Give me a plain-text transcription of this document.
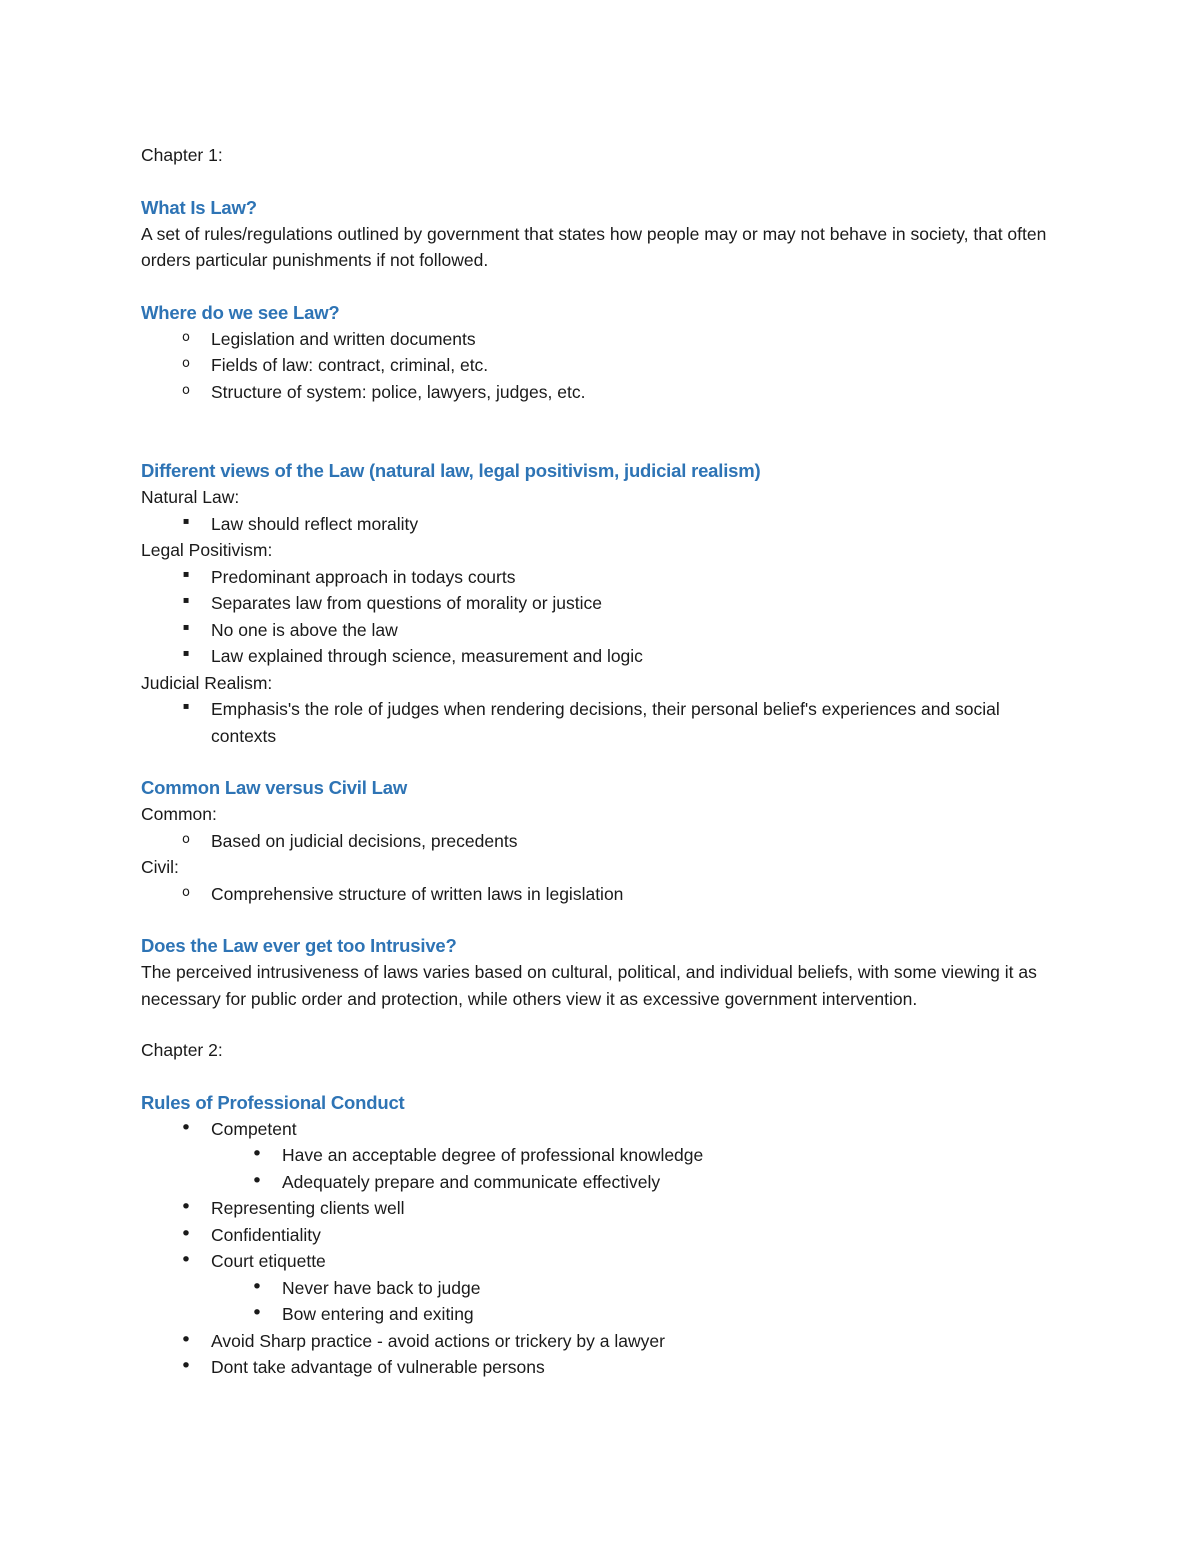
Chapter 1:

What Is Law?

A set of rules/regulations outlined by government that states how people may or may not behave in society, that often orders particular punishments if not followed.

Where do we see Law?
o	Legislation and written documents
o	Fields of law: contract, criminal, etc.
o	Structure of system: police, lawyers, judges, etc.
Different views of the Law (natural law, legal positivism, judicial realism)

Natural Law:

▪	Law should reflect morality

Legal Positivism:

▪	Predominant approach in todays courts
▪	Separates law from questions of morality or justice
▪	No one is above the law
▪	Law explained through science, measurement and logic

Judicial Realism:

▪	Emphasis's the role of judges when rendering decisions, their personal belief's experiences and social contexts
Common Law versus Civil Law

Common:

o	Based on judicial decisions, precedents

Civil:

o	Comprehensive structure of written laws in legislation
Does the Law ever get too Intrusive?

The perceived intrusiveness of laws varies based on cultural, political, and individual beliefs, with some viewing it as necessary for public order and protection, while others view it as excessive government intervention.

Chapter 2:

Rules of Professional Conduct
• Competent
• Have an acceptable degree of professional knowledge
• Adequately prepare and communicate effectively
• Representing clients well
• Confidentiality
• Court etiquette
• Never have back to judge
• Bow entering and exiting
• Avoid Sharp practice - avoid actions or trickery by a lawyer
• Dont take advantage of vulnerable persons
